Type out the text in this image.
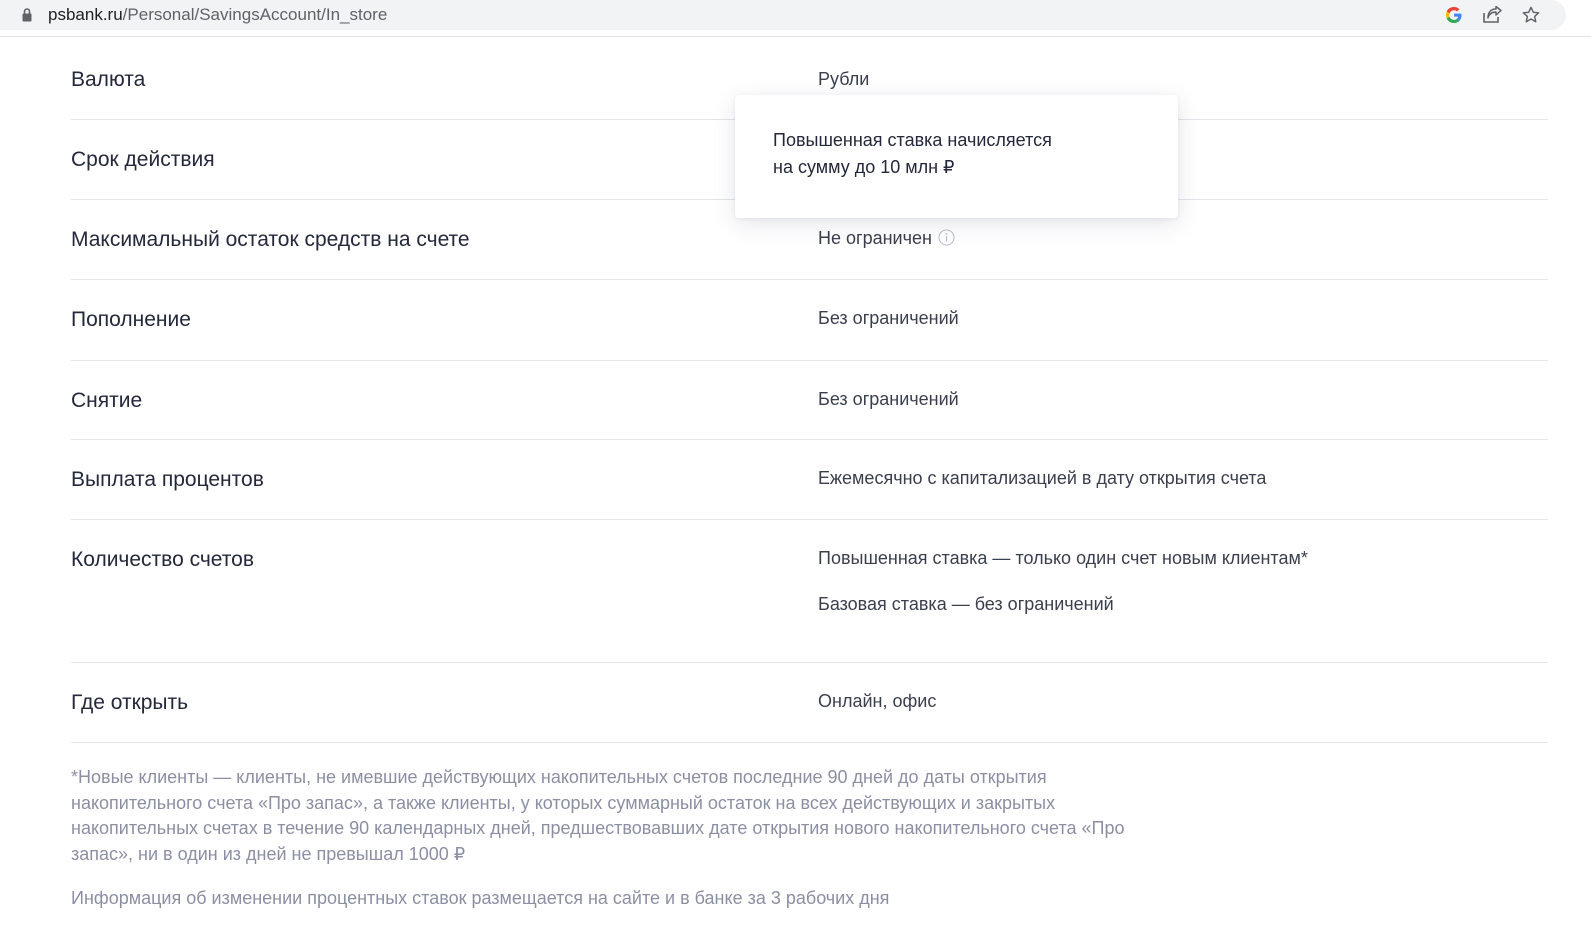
psbank.ru/Personal/SavingsAccount/In_store
Валюта	Рубли
Срок действия
Максимальный остаток средств на счете	Не ограничен
Пополнение	Без ограничений
Снятие	Без ограничений
Выплата процентов	Ежемесячно с капитализацией в дату открытия счета
Количество счетов	Повышенная ставка — только один счет новым клиентам*
Базовая ставка — без ограничений
Где открыть	Онлайн, офис
Повышенная ставка начисляется
на сумму до 10 млн ₽
*Новые клиенты — клиенты, не имевшие действующих накопительных счетов последние 90 дней до даты открытия
накопительного счета «Про запас», а также клиенты, у которых суммарный остаток на всех действующих и закрытых
накопительных счетах в течение 90 календарных дней, предшествовавших дате открытия нового накопительного счета «Про
запас», ни в один из дней не превышал 1000 ₽
Информация об изменении процентных ставок размещается на сайте и в банке за 3 рабочих дня
